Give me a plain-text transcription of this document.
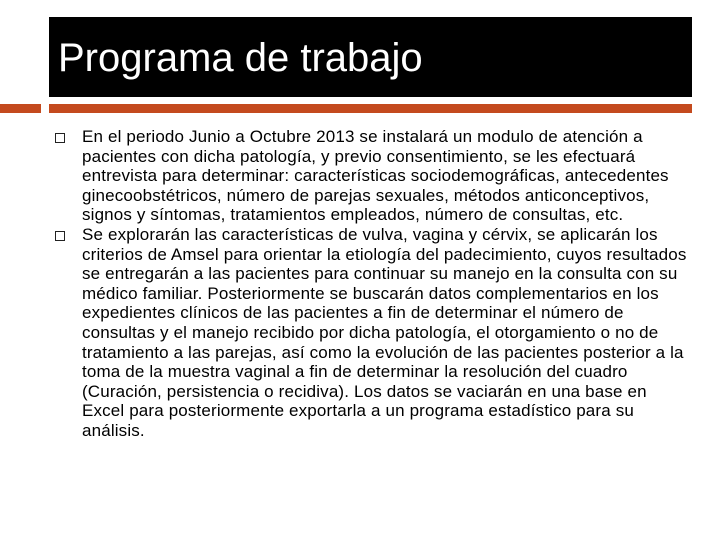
Programa de trabajo
En el periodo Junio a Octubre 2013 se instalará un modulo de atención a pacientes con dicha patología, y previo consentimiento, se les efectuará entrevista para determinar: características sociodemográficas, antecedentes ginecoobstétricos, número de parejas sexuales, métodos anticonceptivos, signos y síntomas, tratamientos empleados, número de consultas, etc.
Se explorarán las características de vulva, vagina y cérvix, se aplicarán los criterios de Amsel para orientar la etiología del padecimiento, cuyos resultados se entregarán a las pacientes para continuar su manejo en la consulta con su médico familiar. Posteriormente se buscarán datos complementarios en los expedientes clínicos de las pacientes a fin de determinar el número de consultas y el manejo recibido por dicha patología, el otorgamiento o no de tratamiento a las parejas, así como la evolución de las pacientes posterior a la toma de la muestra vaginal a fin de determinar la resolución del cuadro (Curación, persistencia o recidiva). Los datos se vaciarán en una base en Excel para posteriormente exportarla a un programa estadístico para su análisis.
